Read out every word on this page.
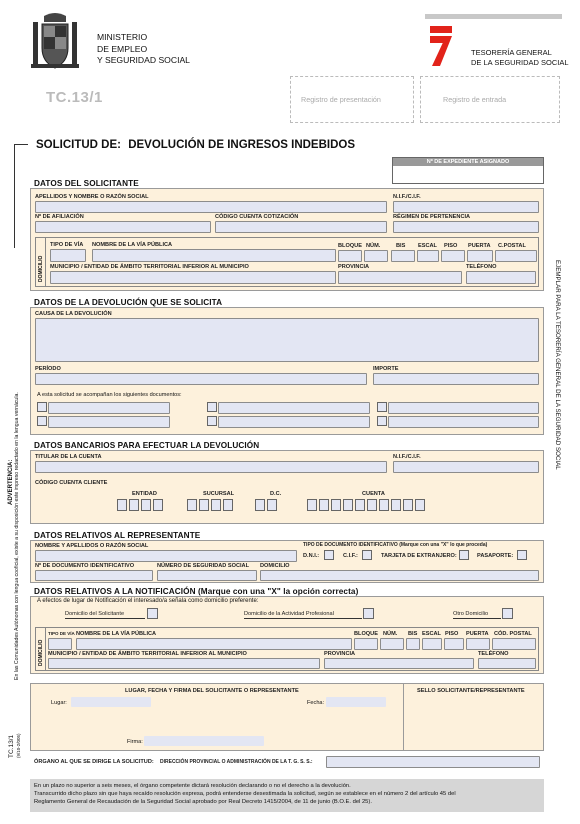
MINISTERIO
DE EMPLEO
Y SEGURIDAD SOCIAL
TC.13/1
TESORERÍA GENERAL
DE LA SEGURIDAD SOCIAL
Registro de presentación	Registro de entrada
SOLICITUD DE: DEVOLUCIÓN DE INGRESOS INDEBIDOS
Nº DE EXPEDIENTE ASIGNADO
DATOS DEL SOLICITANTE
APELLIDOS Y NOMBRE O RAZÓN SOCIAL	N.I.F./C.I.F.
Nº DE AFILIACIÓN	CÓDIGO CUENTA COTIZACIÓN	RÉGIMEN DE PERTENENCIA
DOMICILIO
TIPO DE VÍA NOMBRE DE LA VÍA PÚBLICA	BLOQUE NÚM.	BIS ESCAL PISO PUERTA C.POSTAL
MUNICIPIO / ENTIDAD DE ÁMBITO TERRITORIAL INFERIOR AL MUNICIPIO	PROVINCIA	TELÉFONO
DATOS DE LA DEVOLUCIÓN QUE SE SOLICITA
CAUSA DE LA DEVOLUCIÓN
PERÍODO	IMPORTE
A esta solicitud se acompañan los siguientes documentos:
DATOS BANCARIOS PARA EFECTUAR LA DEVOLUCIÓN
TITULAR DE LA CUENTA	N.I.F./C.I.F.
CÓDIGO CUENTA CLIENTE
ENTIDAD	SUCURSAL	D.C.	CUENTA
DATOS RELATIVOS AL REPRESENTANTE
NOMBRE Y APELLIDOS O RAZÓN SOCIAL	TIPO DE DOCUMENTO IDENTIFICATIVO (Marque con una "X" lo que proceda)
D.N.I.:	C.I.F.:	TARJETA DE EXTRANJERO:	PASAPORTE:
Nº DE DOCUMENTO IDENTIFICATIVO	NÚMERO DE SEGURIDAD SOCIAL DOMICILIO
DATOS RELATIVOS A LA NOTIFICACIÓN (Marque con una "X" la opción correcta)
A efectos de lugar de Notificación el interesado/a señala como domicilio preferente:
Domicilio del Solicitante	Domicilio de la Actividad Profesional	Otro Domicilio
DOMICILIO
TIPO DE VÍA NOMBRE DE LA VÍA PÚBLICA	BLOQUE NÚM. BIS ESCAL PISO PUERTA CÓD. POSTAL
MUNICIPIO / ENTIDAD DE ÁMBITO TERRITORIAL INFERIOR AL MUNICIPIO	PROVINCIA	TELÉFONO
LUGAR, FECHA Y FIRMA DEL SOLICITANTE O REPRESENTANTE	SELLO SOLICITANTE/REPRESENTANTE
Lugar:	Fecha:
Firma:
ÓRGANO AL QUE SE DIRIGE LA SOLICITUD: DIRECCIÓN PROVINCIAL O ADMINISTRACIÓN DE LA T. G. S. S.:
En un plazo no superior a seis meses, el órgano competente dictará resolución declarando o no el derecho a la devolución.
Transcurrido dicho plazo sin que haya recaído resolución expresa, podrá entenderse desestimada la solicitud, según se establece en el número 2 del artículo 45 del
Reglamento General de Recaudación de la Seguridad Social aprobado por Real Decreto 1415/2004, de 11 de junio (B.O.E. del 25).
ADVERTENCIA: En las Comunidades Autónomas con lengua cooficial, existe a su disposición este impreso redactado en la lengua vernácula.
EJEMPLAR PARA LA TESORERÍA GENERAL DE LA SEGURIDAD SOCIAL
TC.13/1 (9/10-2/005)
